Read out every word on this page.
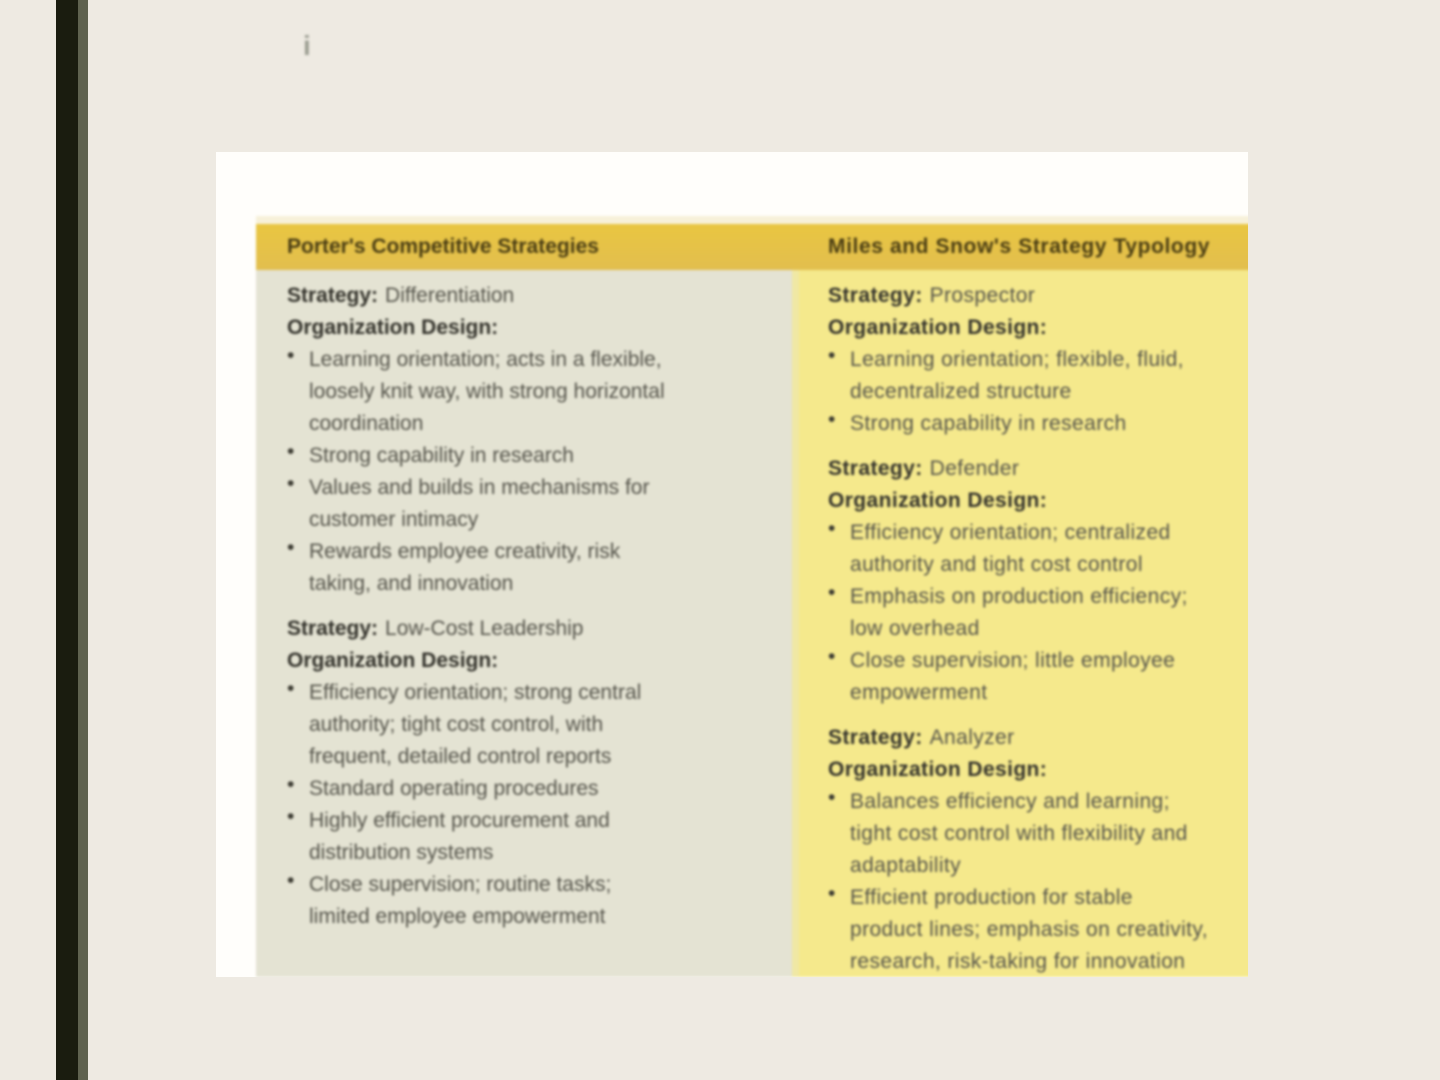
i
Porter's Competitive Strategies	Miles and Snow's Strategy Typology
Strategy: Differentiation
Organization Design:
• Learning orientation; acts in a flexible,
loosely knit way, with strong horizontal
coordination
• Strong capability in research
• Values and builds in mechanisms for
customer intimacy
• Rewards employee creativity, risk
taking, and innovation
Strategy: Low-Cost Leadership
Organization Design:
• Efficiency orientation; strong central
authority; tight cost control, with
frequent, detailed control reports
• Standard operating procedures
• Highly efficient procurement and
distribution systems
• Close supervision; routine tasks;
limited employee empowerment
Strategy: Prospector
Organization Design:
• Learning orientation; flexible, fluid,
decentralized structure
• Strong capability in research
Strategy: Defender
Organization Design:
• Efficiency orientation; centralized
authority and tight cost control
• Emphasis on production efficiency;
low overhead
• Close supervision; little employee
empowerment
Strategy: Analyzer
Organization Design:
• Balances efficiency and learning;
tight cost control with flexibility and
adaptability
• Efficient production for stable
product lines; emphasis on creativity,
research, risk-taking for innovation
